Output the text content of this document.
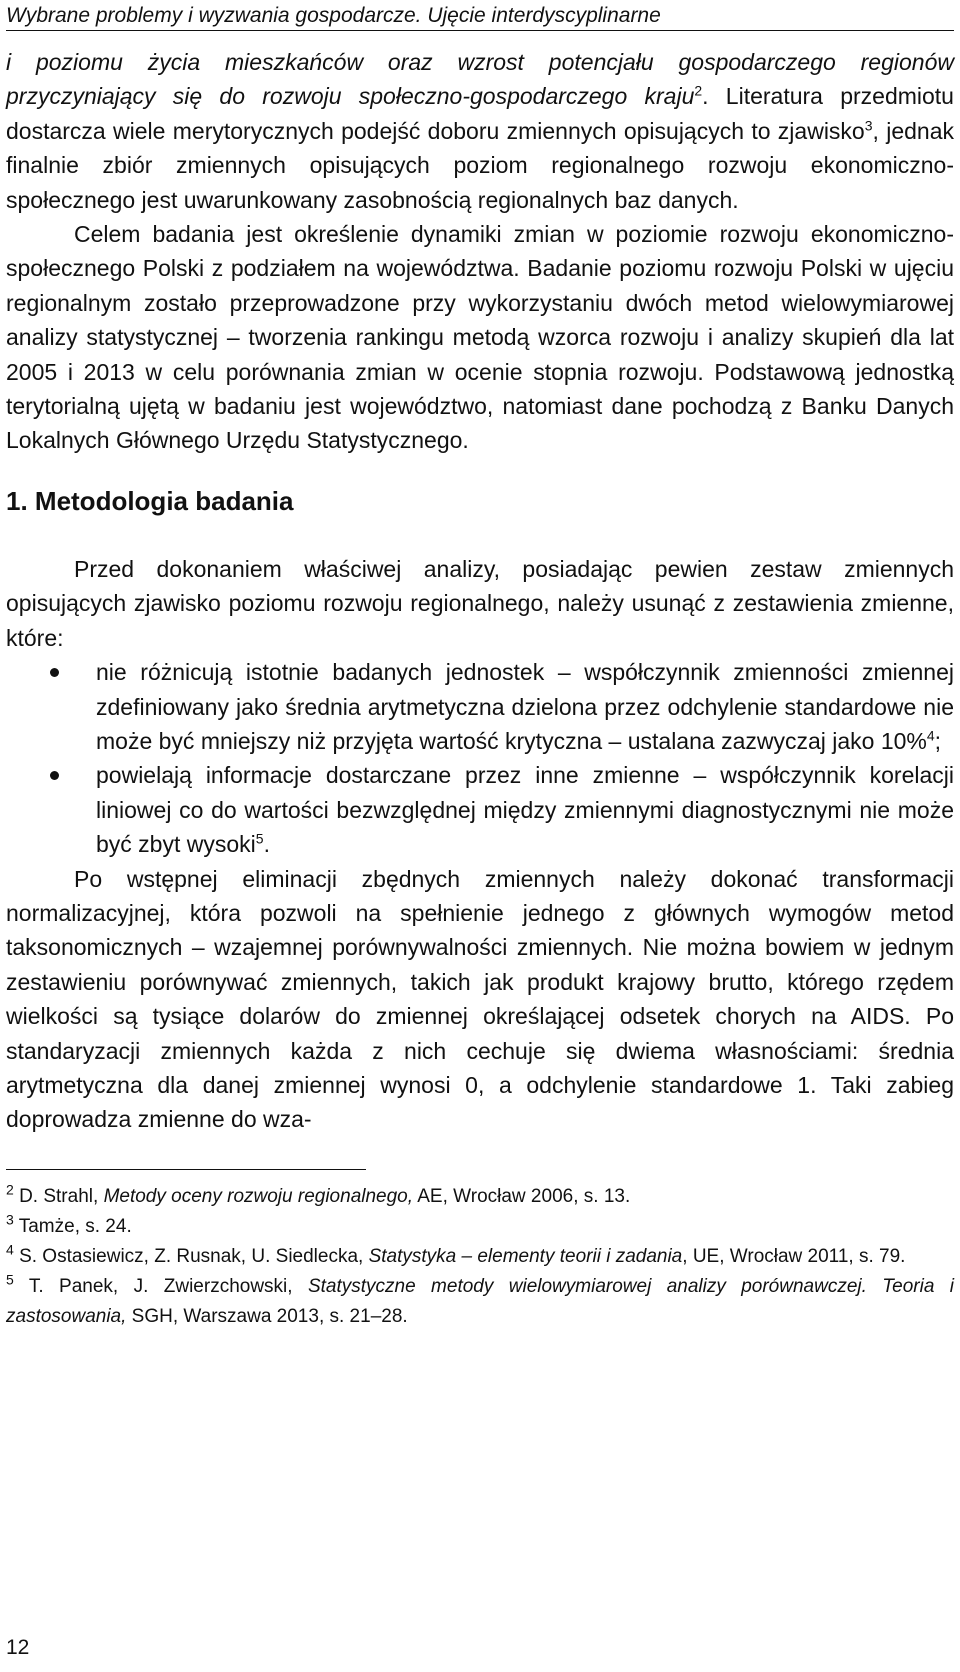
Wybrane problemy i wyzwania gospodarcze. Ujęcie interdyscyplinarne

i poziomu życia mieszkańców oraz wzrost potencjału gospodarczego regionów przyczyniający się do rozwoju społeczno-gospodarczego kraju$^2$. Literatura przedmiotu dostarcza wiele merytorycznych podejść doboru zmiennych opisujących to zjawisko$^3$, jednak finalnie zbiór zmiennych opisujących poziom regionalnego rozwoju ekonomiczno-społecznego jest uwarunkowany zasobnością regionalnych baz danych.

Celem badania jest określenie dynamiki zmian w poziomie rozwoju ekonomiczno-społecznego Polski z podziałem na województwa. Badanie poziomu rozwoju Polski w ujęciu regionalnym zostało przeprowadzone przy wykorzystaniu dwóch metod wielowymiarowej analizy statystycznej – tworzenia rankingu metodą wzorca rozwoju i analizy skupień dla lat 2005 i 2013 w celu porównania zmian w ocenie stopnia rozwoju. Podstawową jednostką terytorialną ujętą w badaniu jest województwo, natomiast dane pochodzą z Banku Danych Lokalnych Głównego Urzędu Statystycznego.

1. Metodologia badania

Przed dokonaniem właściwej analizy, posiadając pewien zestaw zmiennych opisujących zjawisko poziomu rozwoju regionalnego, należy usunąć z zestawienia zmienne, które:

nie różnicują istotnie badanych jednostek – współczynnik zmienności zmiennej zdefiniowany jako średnia arytmetyczna dzielona przez odchylenie standardowe nie może być mniejszy niż przyjęta wartość krytyczna – ustalana zazwyczaj jako 10%$^4$;
powielają informacje dostarczane przez inne zmienne – współczynnik korelacji liniowej co do wartości bezwzględnej między zmiennymi diagnostycznymi nie może być zbyt wysoki$^5$.

Po wstępnej eliminacji zbędnych zmiennych należy dokonać transformacji normalizacyjnej, która pozwoli na spełnienie jednego z głównych wymogów metod taksonomicznych – wzajemnej porównywalności zmiennych. Nie można bowiem w jednym zestawieniu porównywać zmiennych, takich jak produkt krajowy brutto, którego rzędem wielkości są tysiące dolarów do zmiennej określającej odsetek chorych na AIDS. Po standaryzacji zmiennych każda z nich cechuje się dwiema własnościami: średnia arytmetyczna dla danej zmiennej wynosi 0, a odchylenie standardowe 1. Taki zabieg doprowadza zmienne do wza-

$^2$ D. Strahl, Metody oceny rozwoju regionalnego, AE, Wrocław 2006, s. 13.

$^3$ Tamże, s. 24.

$^4$ S. Ostasiewicz, Z. Rusnak, U. Siedlecka, Statystyka – elementy teorii i zadania, UE, Wrocław 2011, s. 79.

$^5$ T. Panek, J. Zwierzchowski, Statystyczne metody wielowymiarowej analizy porównawczej. Teoria i zastosowania, SGH, Warszawa 2013, s. 21–28.

12
